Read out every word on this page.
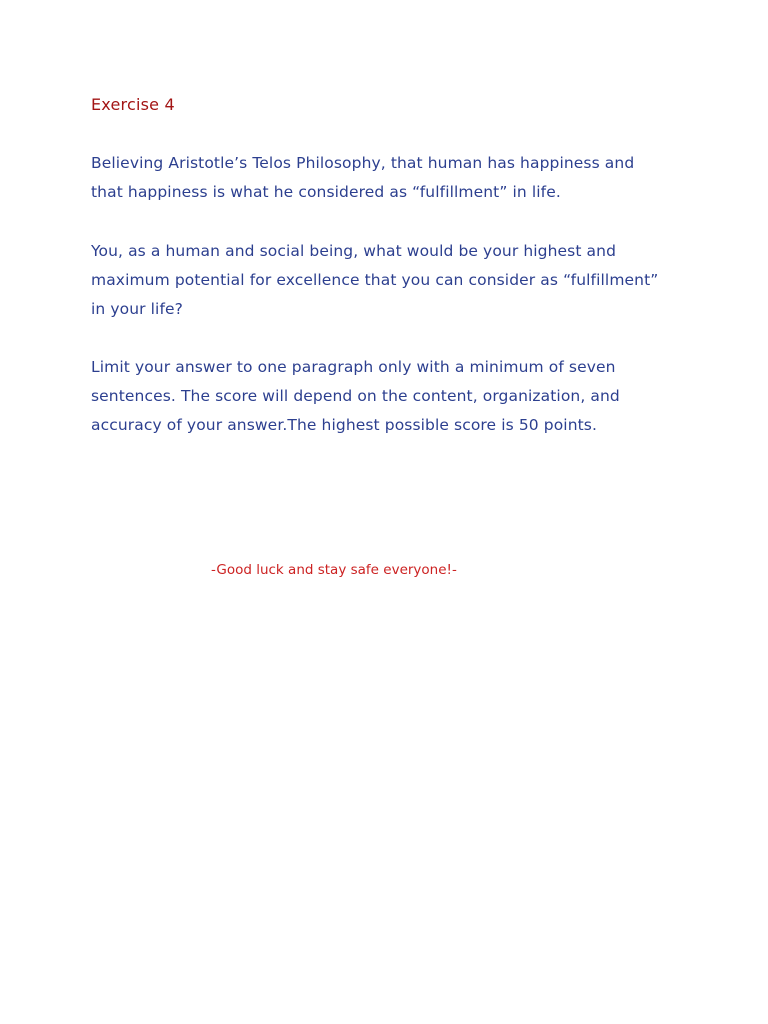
Exercise 4

Believing Aristotle’s Telos Philosophy, that human has happiness and
that happiness is what he considered as “fulfillment” in life.

You, as a human and social being, what would be your highest and
maximum potential for excellence that you can consider as “fulfillment”
in your life?

Limit your answer to one paragraph only with a minimum of seven
sentences. The score will depend on the content, organization, and
accuracy of your answer.The highest possible score is 50 points.

-Good luck and stay safe everyone!-
